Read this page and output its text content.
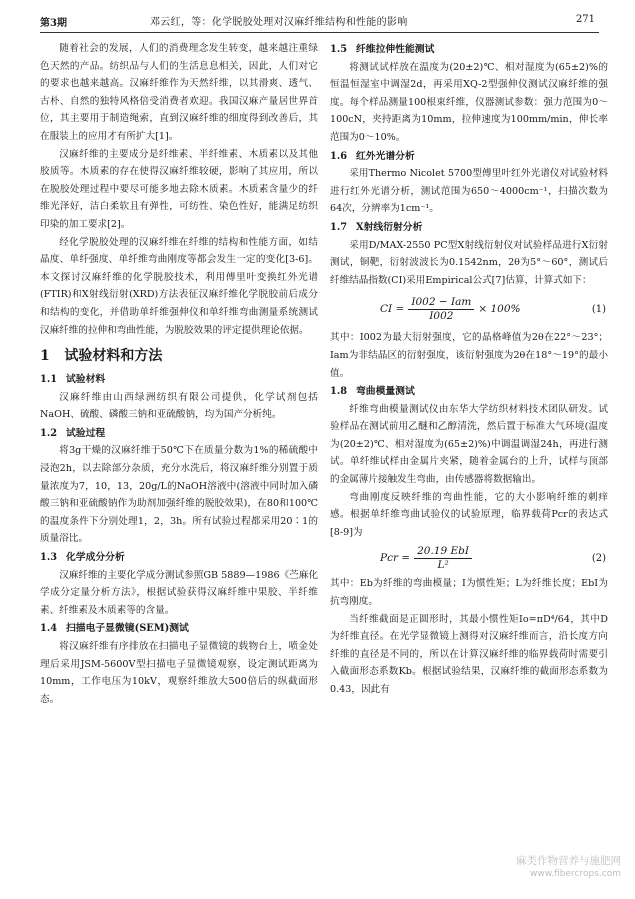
第3期	邓云红，等：化学脱胶处理对汉麻纤维结构和性能的影响	271

随着社会的发展，人们的消费理念发生转变，越来越注重绿色天然的产品。纺织品与人们的生活息息相关，因此，人们对它的要求也越来越高。汉麻纤维作为天然纤维，以其滑爽、透气、古朴、自然的独特风格倍受消费者欢迎。我国汉麻产量居世界首位，其主要用于制造绳索，直到汉麻纤维的细度得到改善后，其在服装上的应用才有所扩大[1]。

汉麻纤维的主要成分是纤维素、半纤维素、木质素以及其他胶质等。木质素的存在使得汉麻纤维较硬，影响了其应用，所以在脱胶处理过程中要尽可能多地去除木质素。木质素含量少的纤维光泽好，洁白柔软且有弹性，可纺性、染色性好，能满足纺织印染的加工要求[2]。

经化学脱胶处理的汉麻纤维在纤维的结构和性能方面，如结晶度、单纤强度、单纤维弯曲刚度等都会发生一定的变化[3-6]。本文探讨汉麻纤维的化学脱胶技术，利用傅里叶变换红外光谱(FTIR)和X射线衍射(XRD)方法表征汉麻纤维化学脱胶前后成分和结构的变化，并借助单纤维强伸仪和单纤维弯曲测量系统测试汉麻纤维的拉伸和弯曲性能，为脱胶效果的评定提供理论依据。

1 试验材料和方法
1.1 试验材料

汉麻纤维由山西绿洲纺织有限公司提供，化学试剂包括NaOH、硫酸、磷酸三钠和亚硫酸钠，均为国产分析纯。

1.2 试验过程

将3g干燥的汉麻纤维于50℃下在质量分数为1%的稀硫酸中浸泡2h，以去除部分杂质，充分水洗后，将汉麻纤维分别置于质量浓度为7，10，13，20g/L的NaOH溶液中(溶液中同时加入磷酸三钠和亚硫酸钠作为助剂加强纤维的脱胶效果)，在80和100℃的温度条件下分别处理1，2，3h。所有试验过程都采用20∶1的质量浴比。

1.3 化学成分分析

汉麻纤维的主要化学成分测试参照GB 5889—1986《苎麻化学成分定量分析方法》，根据试验获得汉麻纤维中果胶、半纤维素、纤维素及木质素等的含量。

1.4 扫描电子显微镜(SEM)测试

将汉麻纤维有序排放在扫描电子显微镜的载物台上，喷金处理后采用JSM-5600V型扫描电子显微镜观察，设定测试距离为10mm，工作电压为10kV，观察纤维放大500倍后的纵截面形态。

1.5 纤维拉伸性能测试

将测试试样放在温度为(20±2)℃、相对湿度为(65±2)%的恒温恒湿室中调湿2d，再采用XQ-2型强伸仪测试汉麻纤维的强度。每个样品测量100根束纤维，仪器测试参数：强力范围为0～100cN，夹持距离为10mm，拉伸速度为100mm/min，伸长率范围为0～10%。

1.6 红外光谱分析

采用Thermo Nicolet 5700型傅里叶红外光谱仪对试验材料进行红外光谱分析，测试范围为650～4000cm⁻¹，扫描次数为64次，分辨率为1cm⁻¹。

1.7 X射线衍射分析

采用D/MAX-2550 PC型X射线衍射仪对试验样品进行X衍射测试，铜靶，衍射波波长为0.1542nm，2θ为5°～60°，测试后纤维结晶指数(CI)采用Empirical公式[7]估算，计算式如下：

CI = $\frac{\text{I002 − Iam}}{I002} \times 100\%$	(1)

其中：I002为最大衍射强度，它的晶格峰值为2θ在22°～23°；Iam为非结晶区的衍射强度，该衍射强度为2θ在18°～19°的最小值。

1.8 弯曲模量测试

纤维弯曲模量测试仪由东华大学纺织材料技术团队研发。试验样品在测试前用乙醚和乙醇清洗，然后置于标准大气环境(温度为(20±2)℃、相对湿度为(65±2)%)中调温调湿24h，再进行测试。单纤维试样由金属片夹紧，随着金属台的上升，试样与顶部的金属薄片接触发生弯曲，由传感器将数据输出。

弯曲刚度反映纤维的弯曲性能，它的大小影响纤维的刺痒感。根据单纤维弯曲试验仪的试验原理，临界载荷Pcr的表达式[8-9]为

Pcr = $\frac{\text{20.19 EbI}}{\text{L²}}$	(2)

其中：Eb为纤维的弯曲模量；I为惯性矩；L为纤维长度；EbI为抗弯刚度。

当纤维截面是正圆形时，其最小惯性矩Io=πD⁴/64，其中D为纤维直径。在光学显微镜上测得对汉麻纤维而言，沿长度方向纤维的直径是不同的，所以在计算汉麻纤维的临界载荷时需要引入截面形态系数Kb。根据试验结果，汉麻纤维的截面形态系数为0.43，因此有

麻类作物营养与施肥网
www.fibercrops.com
